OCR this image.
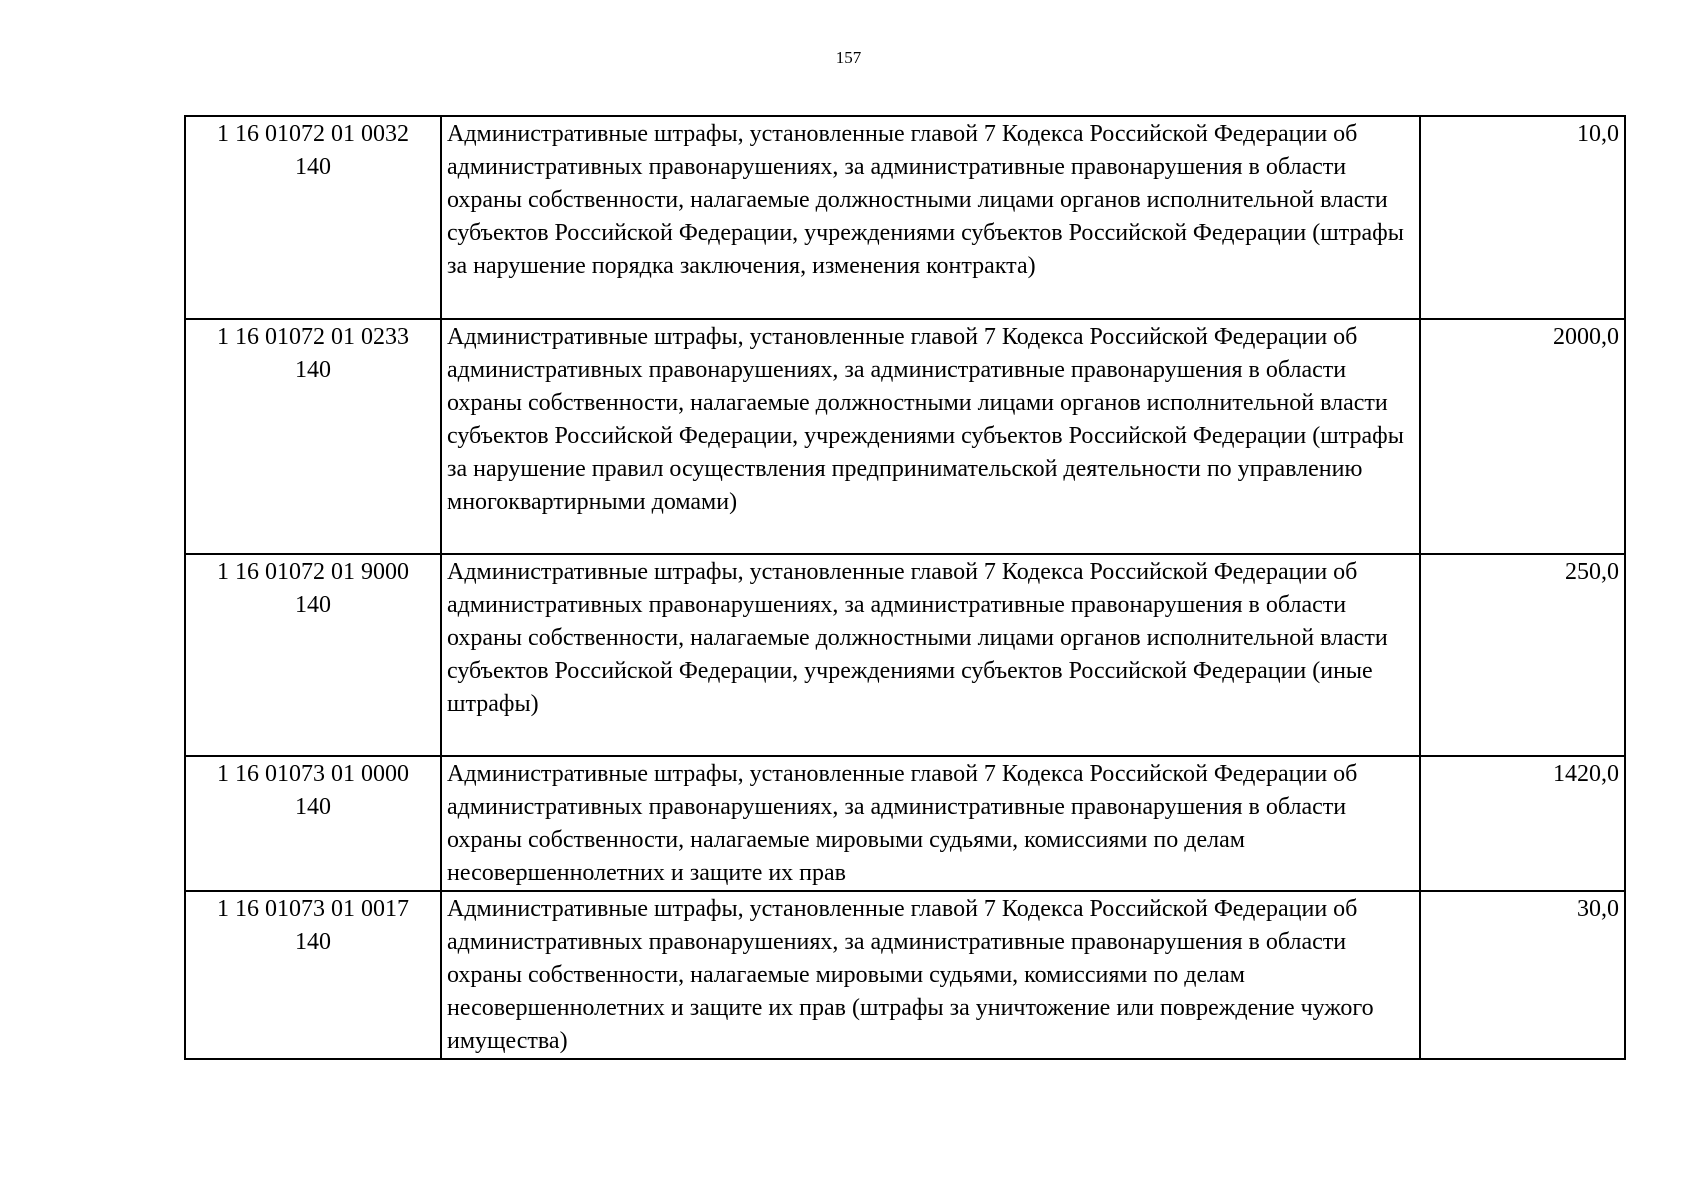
157
1 16 01072 01 0032
140	Административные штрафы, установленные главой 7 Кодекса Российской Федерации об административных правонарушениях, за административные правонарушения в области охраны собственности, налагаемые должностными лицами органов исполнительной власти субъектов Российской Федерации, учреждениями субъектов Российской Федерации (штрафы за нарушение порядка заключения, изменения контракта)	10,0

1 16 01072 01 0233
140	Административные штрафы, установленные главой 7 Кодекса Российской Федерации об административных правонарушениях, за административные правонарушения в области охраны собственности, налагаемые должностными лицами органов исполнительной власти субъектов Российской Федерации, учреждениями субъектов Российской Федерации (штрафы за нарушение правил осуществления предпринимательской деятельности по управлению многоквартирными домами)	2000,0

1 16 01072 01 9000
140	Административные штрафы, установленные главой 7 Кодекса Российской Федерации об административных правонарушениях, за административные правонарушения в области охраны собственности, налагаемые должностными лицами органов исполнительной власти субъектов Российской Федерации, учреждениями субъектов Российской Федерации (иные штрафы)	250,0

1 16 01073 01 0000
140	Административные штрафы, установленные главой 7 Кодекса Российской Федерации об административных правонарушениях, за административные правонарушения в области охраны собственности, налагаемые мировыми судьями, комиссиями по делам несовершеннолетних и защите их прав	1420,0

1 16 01073 01 0017
140	Административные штрафы, установленные главой 7 Кодекса Российской Федерации об административных правонарушениях, за административные правонарушения в области охраны собственности, налагаемые мировыми судьями, комиссиями по делам несовершеннолетних и защите их прав (штрафы за уничтожение или повреждение чужого имущества)	30,0
